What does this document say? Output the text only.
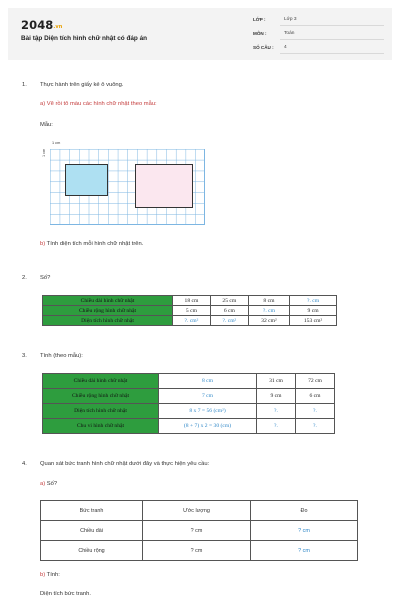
2048.vn
Bài tập Diện tích hình chữ nhật có đáp án
LỚP :	Lớp 3
MÔN :	Toán
SỐ CÂU : 4
1. Thực hành trên giấy kẻ ô vuông.
a) Vẽ rồi tô màu các hình chữ nhật theo mẫu:
Mẫu:
1 cm
1 cm
b) Tính diện tích mỗi hình chữ nhật trên.
2. Số?
Chiều dài hình chữ nhật	18 cm	25 cm	8 cm	?. cm
Chiều rộng hình chữ nhật	5 cm	6 cm	?. cm	9 cm
Diện tích hình chữ nhật	?. cm²	?. cm²	32 cm²	153 cm²
3. Tính (theo mẫu):
Chiều dài hình chữ nhật	8 cm	31 cm	72 cm
Chiều rộng hình chữ nhật	7 cm	9 cm	6 cm
Diện tích hình chữ nhật	8 x 7 = 56 (cm²)	?.	?.
Chu vi hình chữ nhật	(8 + 7) x 2 = 30 (cm)	?.	?.
4. Quan sát bức tranh hình chữ nhật dưới đây và thực hiện yêu cầu:
a) Số?
Bức tranh	Ước lượng	Đo
Chiều dài	? cm	? cm
Chiều rộng	? cm	? cm
b) Tính:
Diện tích bức tranh.
